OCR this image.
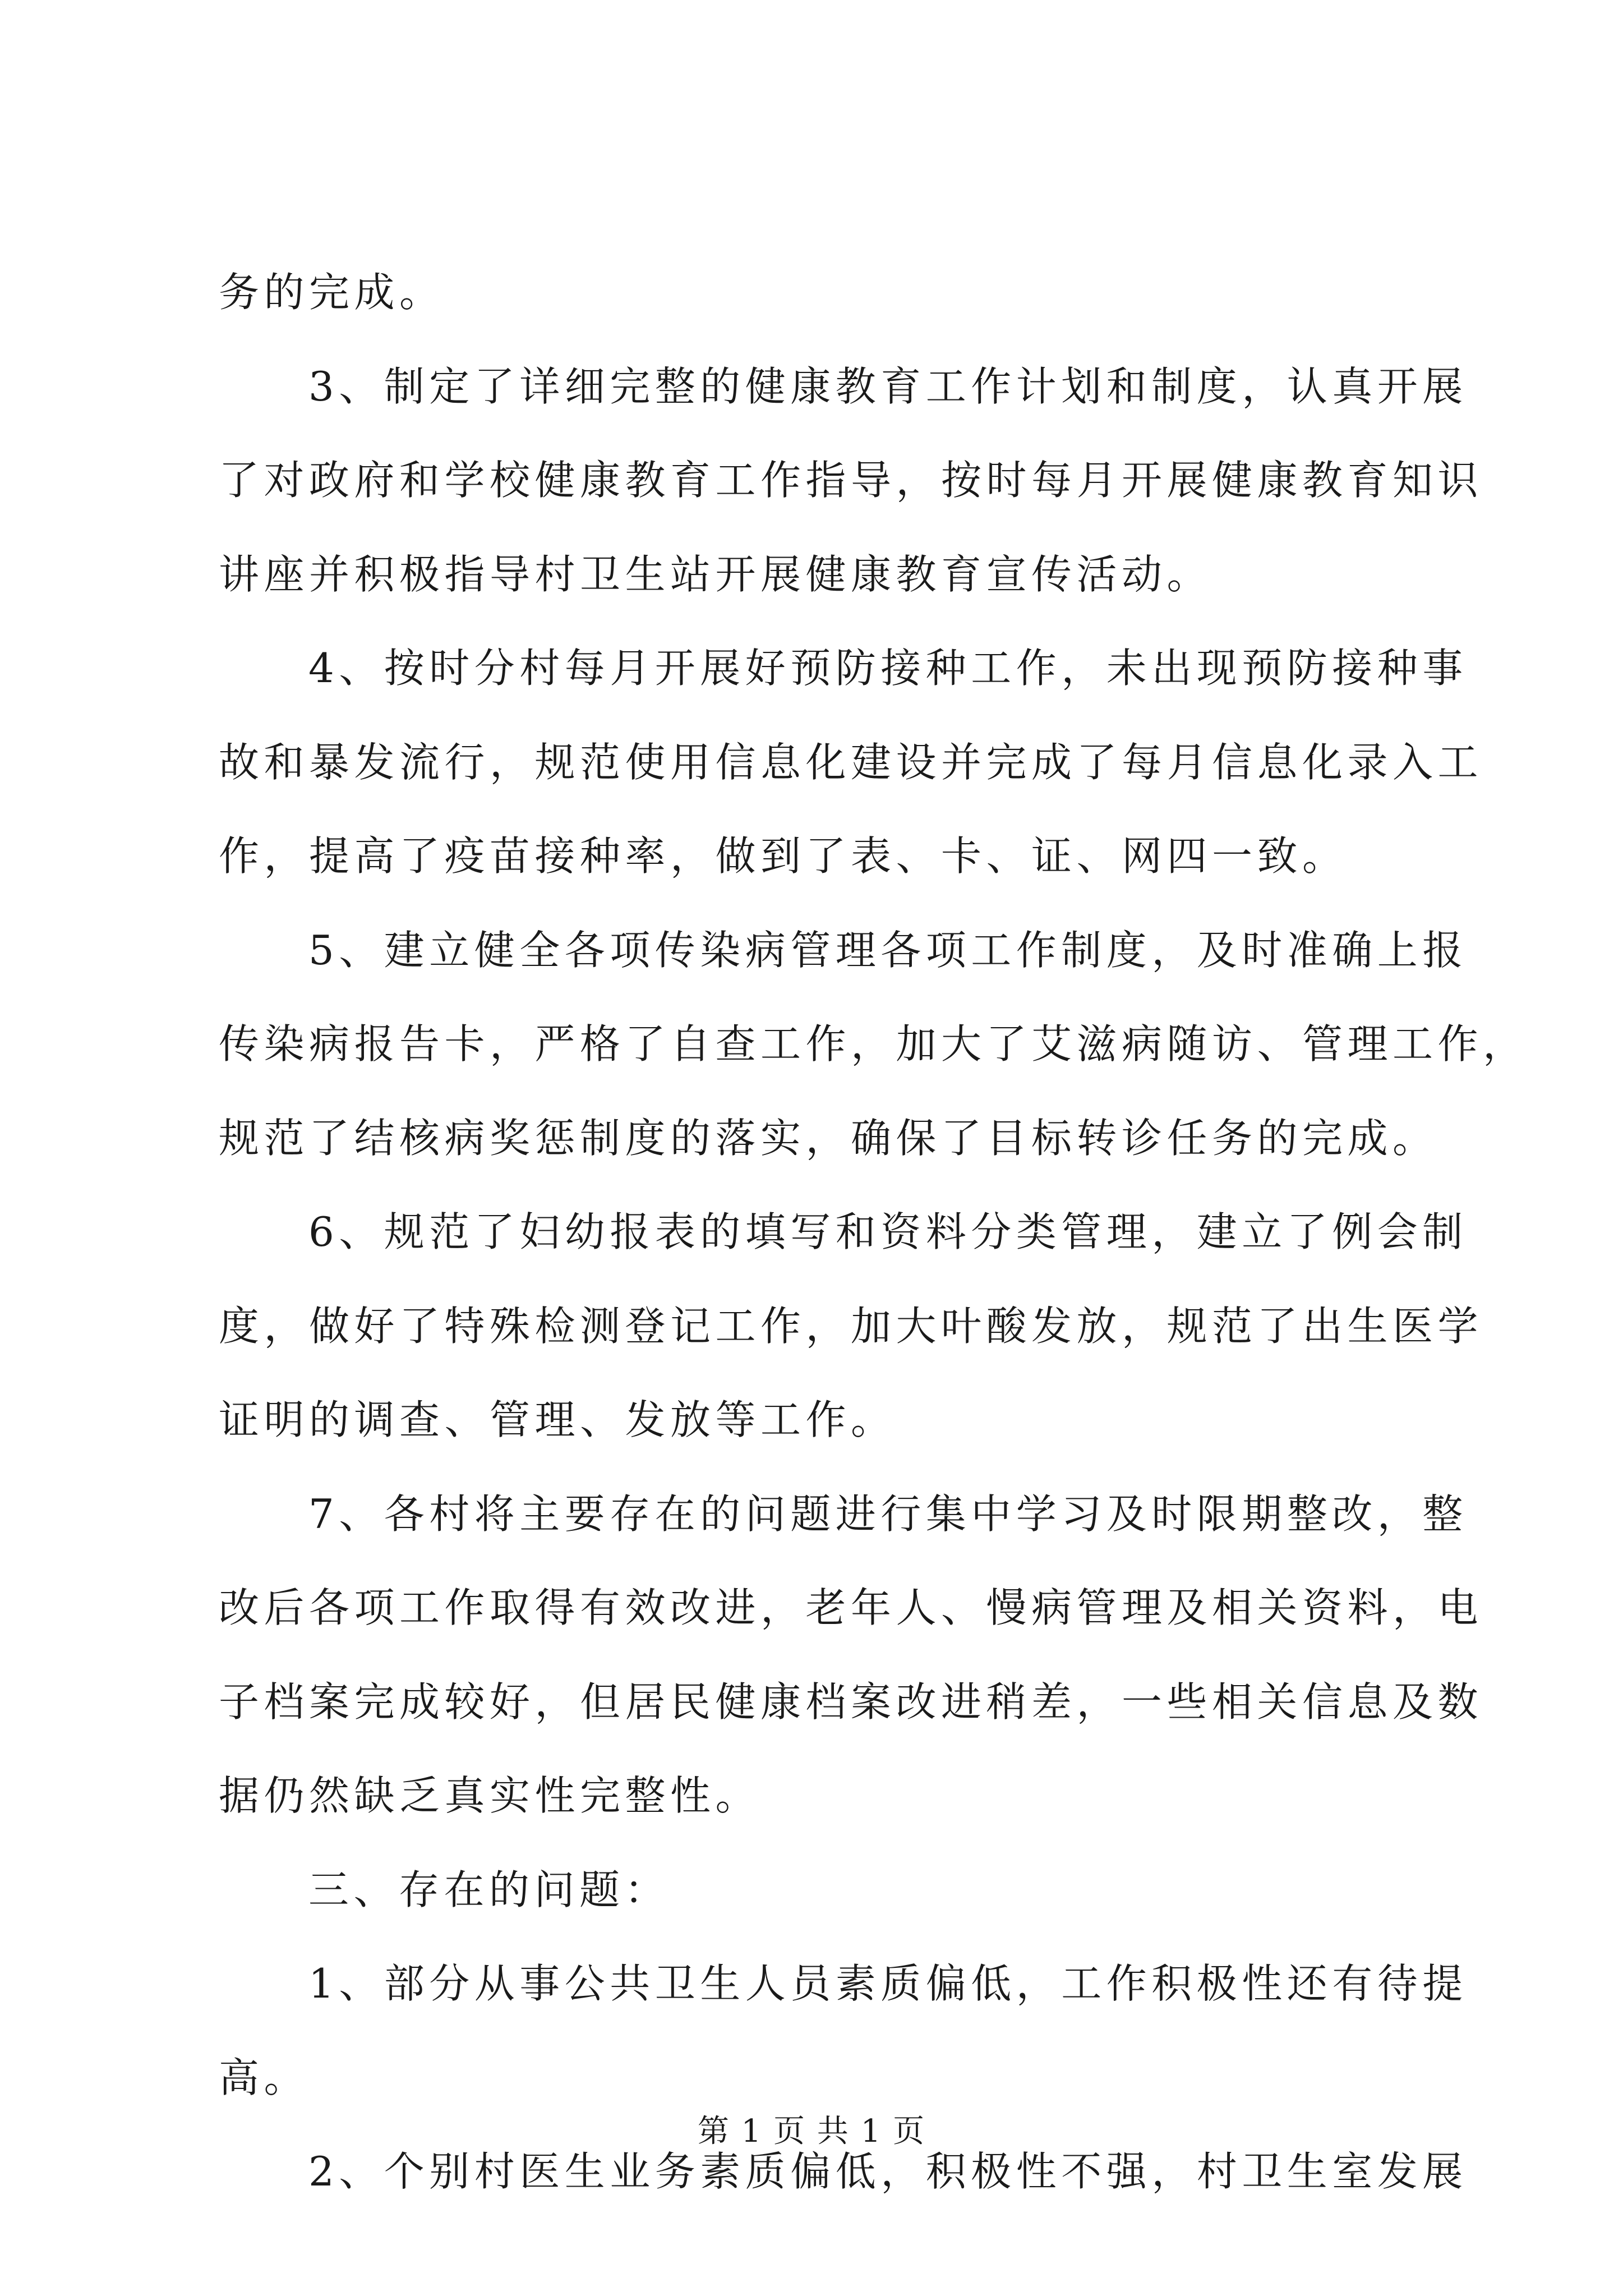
务的完成。
3、制定了详细完整的健康教育工作计划和制度，认真开展
了对政府和学校健康教育工作指导，按时每月开展健康教育知识
讲座并积极指导村卫生站开展健康教育宣传活动。
4、按时分村每月开展好预防接种工作，未出现预防接种事
故和暴发流行，规范使用信息化建设并完成了每月信息化录入工
作，提高了疫苗接种率，做到了表、卡、证、网四一致。
5、建立健全各项传染病管理各项工作制度，及时准确上报
传染病报告卡，严格了自查工作，加大了艾滋病随访、管理工作，
规范了结核病奖惩制度的落实，确保了目标转诊任务的完成。
6、规范了妇幼报表的填写和资料分类管理，建立了例会制
度，做好了特殊检测登记工作，加大叶酸发放，规范了出生医学
证明的调查、管理、发放等工作。
7、各村将主要存在的问题进行集中学习及时限期整改，整
改后各项工作取得有效改进，老年人、慢病管理及相关资料，电
子档案完成较好，但居民健康档案改进稍差，一些相关信息及数
据仍然缺乏真实性完整性。
三、存在的问题：
1、部分从事公共卫生人员素质偏低，工作积极性还有待提
高。
2、个别村医生业务素质偏低，积极性不强，村卫生室发展
第 1 页 共 1 页
